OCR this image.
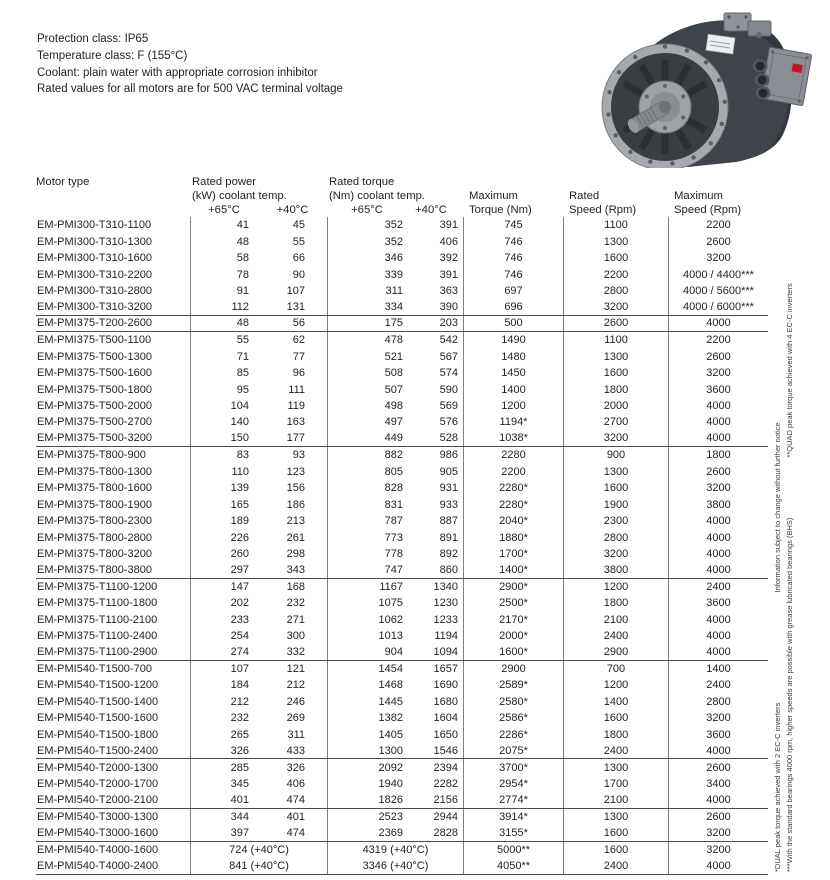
Protection class: IP65
Temperature class: F (155°C)
Coolant: plain water with appropriate corrosion inhibitor
Rated values for all motors are for 500 VAC terminal voltage
Motor type	Rated power	Rated torque
(kW) coolant temp.	(Nm) coolant temp.	Maximum	Rated	Maximum
+65°C	+40°C	+65°C	+40°C	Torque (Nm)	Speed (Rpm)	Speed (Rpm)
EM-PMI300-T310-1100	41	45	352	391	745	1100	2200
EM-PMI300-T310-1300	48	55	352	406	746	1300	2600
EM-PMI300-T310-1600	58	66	346	392	746	1600	3200
EM-PMI300-T310-2200	78	90	339	391	746	2200	4000 / 4400***
EM-PMI300-T310-2800	91	107	311	363	697	2800	4000 / 5600***
EM-PMI300-T310-3200	112	131	334	390	696	3200	4000 / 6000***
EM-PMI375-T200-2600	48	56	175	203	500	2600	4000
EM-PMI375-T500-1100	55	62	478	542	1490	1100	2200
EM-PMI375-T500-1300	71	77	521	567	1480	1300	2600
EM-PMI375-T500-1600	85	96	508	574	1450	1600	3200
EM-PMI375-T500-1800	95	111	507	590	1400	1800	3600
EM-PMI375-T500-2000	104	119	498	569	1200	2000	4000
EM-PMI375-T500-2700	140	163	497	576	1194*	2700	4000
EM-PMI375-T500-3200	150	177	449	528	1038*	3200	4000
EM-PMI375-T800-900	83	93	882	986	2280	900	1800
EM-PMI375-T800-1300	110	123	805	905	2200	1300	2600
EM-PMI375-T800-1600	139	156	828	931	2280*	1600	3200
EM-PMI375-T800-1900	165	186	831	933	2280*	1900	3800
EM-PMI375-T800-2300	189	213	787	887	2040*	2300	4000
EM-PMI375-T800-2800	226	261	773	891	1880*	2800	4000
EM-PMI375-T800-3200	260	298	778	892	1700*	3200	4000
EM-PMI375-T800-3800	297	343	747	860	1400*	3800	4000
EM-PMI375-T1100-1200	147	168	1167	1340	2900*	1200	2400
EM-PMI375-T1100-1800	202	232	1075	1230	2500*	1800	3600
EM-PMI375-T1100-2100	233	271	1062	1233	2170*	2100	4000
EM-PMI375-T1100-2400	254	300	1013	1194	2000*	2400	4000
EM-PMI375-T1100-2900	274	332	904	1094	1600*	2900	4000
EM-PMI540-T1500-700	107	121	1454	1657	2900	700	1400
EM-PMI540-T1500-1200	184	212	1468	1690	2589*	1200	2400
EM-PMI540-T1500-1400	212	246	1445	1680	2580*	1400	2800
EM-PMI540-T1500-1600	232	269	1382	1604	2586*	1600	3200
EM-PMI540-T1500-1800	265	311	1405	1650	2286*	1800	3600
EM-PMI540-T1500-2400	326	433	1300	1546	2075*	2400	4000
EM-PMI540-T2000-1300	285	326	2092	2394	3700*	1300	2600
EM-PMI540-T2000-1700	345	406	1940	2282	2954*	1700	3400
EM-PMI540-T2000-2100	401	474	1826	2156	2774*	2100	4000
EM-PMI540-T3000-1300	344	401	2523	2944	3914*	1300	2600
EM-PMI540-T3000-1600	397	474	2369	2828	3155*	1600	3200
EM-PMI540-T4000-1600	724 (+40°C)	4319 (+40°C)	5000**	1600	3200
EM-PMI540-T4000-2400	841 (+40°C)	3346 (+40°C)	4050**	2400	4000	***With the standard bearings 4000 rpm, higher speeds are possible with grease lubricated bearings (BHS) **QUAD peak torque achieved with 4 EC-C inverters
*DUAL peak torque achieved with 2 EC-C inverters Information subject to change without further notice
